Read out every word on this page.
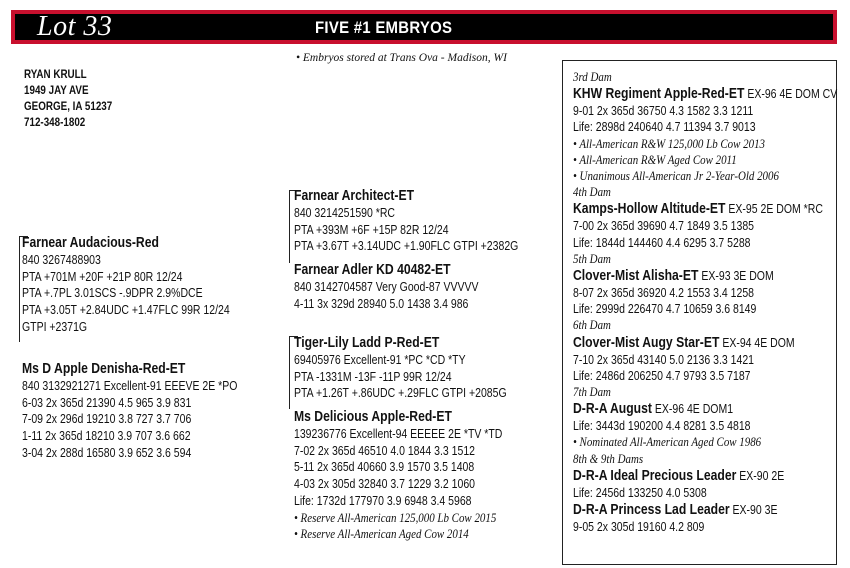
Lot 33	FIVE #1 EMBRYOS
• Embryos stored at Trans Ova - Madison, WI
RYAN KRULL
1949 JAY AVE
GEORGE, IA 51237
712-348-1802
Farnear Audacious-Red
840 3267488903
PTA +701M +20F +21P 80R 12/24
PTA +.7PL 3.01SCS -.9DPR 2.9%DCE
PTA +3.05T +2.84UDC +1.47FLC 99R 12/24
GTPI +2371G
Ms D Apple Denisha-Red-ET
840 3132921271 Excellent-91 EEEVE 2E *PO
6-03 2x 365d 21390 4.5 965 3.9 831
7-09 2x 296d 19210 3.8 727 3.7 706
1-11 2x 365d 18210 3.9 707 3.6 662
3-04 2x 288d 16580 3.9 652 3.6 594
Farnear Architect-ET
840 3214251590 *RC
PTA +393M +6F +15P 82R 12/24
PTA +3.67T +3.14UDC +1.90FLC GTPI +2382G
Farnear Adler KD 40482-ET
840 3142704587 Very Good-87 VVVVV
4-11 3x 329d 28940 5.0 1438 3.4 986
Tiger-Lily Ladd P-Red-ET
69405976 Excellent-91 *PC *CD *TY
PTA -1331M -13F -11P 99R 12/24
PTA +1.26T +.86UDC +.29FLC GTPI +2085G
Ms Delicious Apple-Red-ET
139236776 Excellent-94 EEEEE 2E *TV *TD
7-02 2x 365d 46510 4.0 1844 3.3 1512
5-11 2x 365d 40660 3.9 1570 3.5 1408
4-03 2x 305d 32840 3.7 1229 3.2 1060
Life: 1732d 177970 3.9 6948 3.4 5968
• Reserve All-American 125,000 Lb Cow 2015
• Reserve All-American Aged Cow 2014
3rd Dam
KHW Regiment Apple-Red-ET EX-96 4E DOM CV
9-01 2x 365d 36750 4.3 1582 3.3 1211
Life: 2898d 240640 4.7 11394 3.7 9013
• All-American R&W 125,000 Lb Cow 2013
• All-American R&W Aged Cow 2011
• Unanimous All-American Jr 2-Year-Old 2006
4th Dam
Kamps-Hollow Altitude-ET EX-95 2E DOM *RC
7-00 2x 365d 39690 4.7 1849 3.5 1385
Life: 1844d 144460 4.4 6295 3.7 5288
5th Dam
Clover-Mist Alisha-ET EX-93 3E DOM
8-07 2x 365d 36920 4.2 1553 3.4 1258
Life: 2999d 226470 4.7 10659 3.6 8149
6th Dam
Clover-Mist Augy Star-ET EX-94 4E DOM
7-10 2x 365d 43140 5.0 2136 3.3 1421
Life: 2486d 206250 4.7 9793 3.5 7187
7th Dam
D-R-A August EX-96 4E DOM1
Life: 3443d 190200 4.4 8281 3.5 4818
• Nominated All-American Aged Cow 1986
8th & 9th Dams
D-R-A Ideal Precious Leader EX-90 2E
Life: 2456d 133250 4.0 5308
D-R-A Princess Lad Leader EX-90 3E
9-05 2x 305d 19160 4.2 809
